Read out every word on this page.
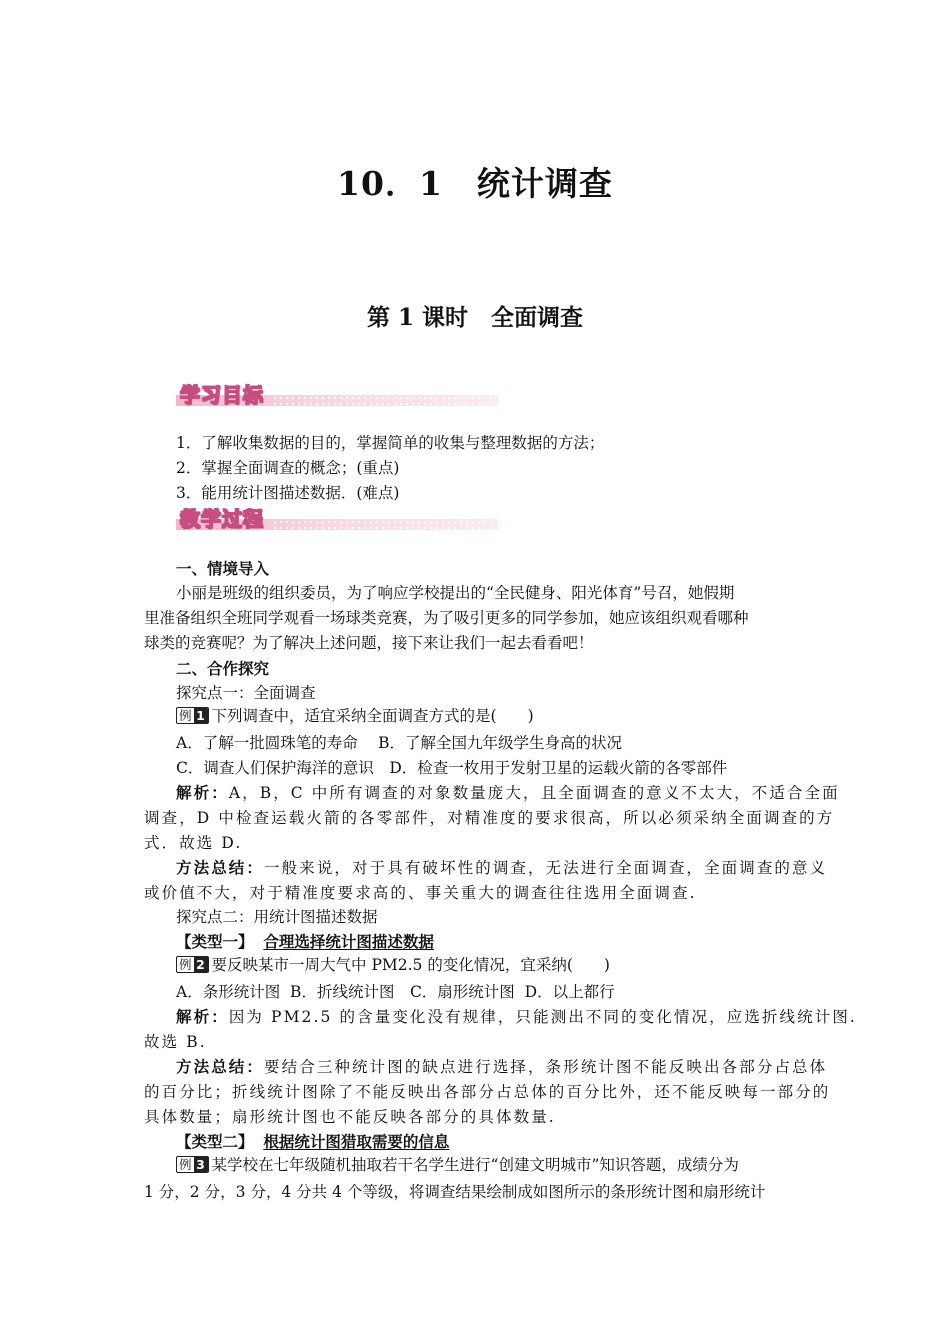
10．1　统计调查
第 1 课时　全面调查
学习目标
1．了解收集数据的目的，掌握简单的收集与整理数据的方法；
2．掌握全面调查的概念；(重点)
3．能用统计图描述数据．(难点)
教学过程
一、情境导入
小丽是班级的组织委员，为了响应学校提出的“全民健身、阳光体育”号召，她假期
里准备组织全班同学观看一场球类竞赛，为了吸引更多的同学参加，她应该组织观看哪种
球类的竞赛呢？为了解决上述问题，接下来让我们一起去看看吧！
二、合作探究
探究点一：全面调查
例 1 下列调查中，适宜采纳全面调查方式的是(　　)
A．了解一批圆珠笔的寿命　 B．了解全国九年级学生身高的状况
C．调查人们保护海洋的意识　D．检查一枚用于发射卫星的运载火箭的各零部件
解析：A，B，C 中所有调查的对象数量庞大，且全面调查的意义不太大，不适合全面
调查，D 中检查运载火箭的各零部件，对精准度的要求很高，所以必须采纳全面调查的方
式．故选 D.
方法总结：一般来说，对于具有破坏性的调查，无法进行全面调查，全面调查的意义
或价值不大，对于精准度要求高的、事关重大的调查往往选用全面调查.
探究点二：用统计图描述数据
【类型一】 合理选择统计图描述数据
例 2 要反映某市一周大气中 PM2.5 的变化情况，宜采纳(　　)
A．条形统计图  B．折线统计图　C．扇形统计图  D．以上都行
解析：因为 PM2.5 的含量变化没有规律，只能测出不同的变化情况，应选折线统计图.
故选 B.
方法总结：要结合三种统计图的缺点进行选择，条形统计图不能反映出各部分占总体
的百分比；折线统计图除了不能反映出各部分占总体的百分比外，还不能反映每一部分的
具体数量；扇形统计图也不能反映各部分的具体数量.
【类型二】 根据统计图猎取需要的信息
例 3 某学校在七年级随机抽取若干名学生进行“创建文明城市”知识答题，成绩分为
1 分，2 分，3 分，4 分共 4 个等级，将调查结果绘制成如图所示的条形统计图和扇形统计
